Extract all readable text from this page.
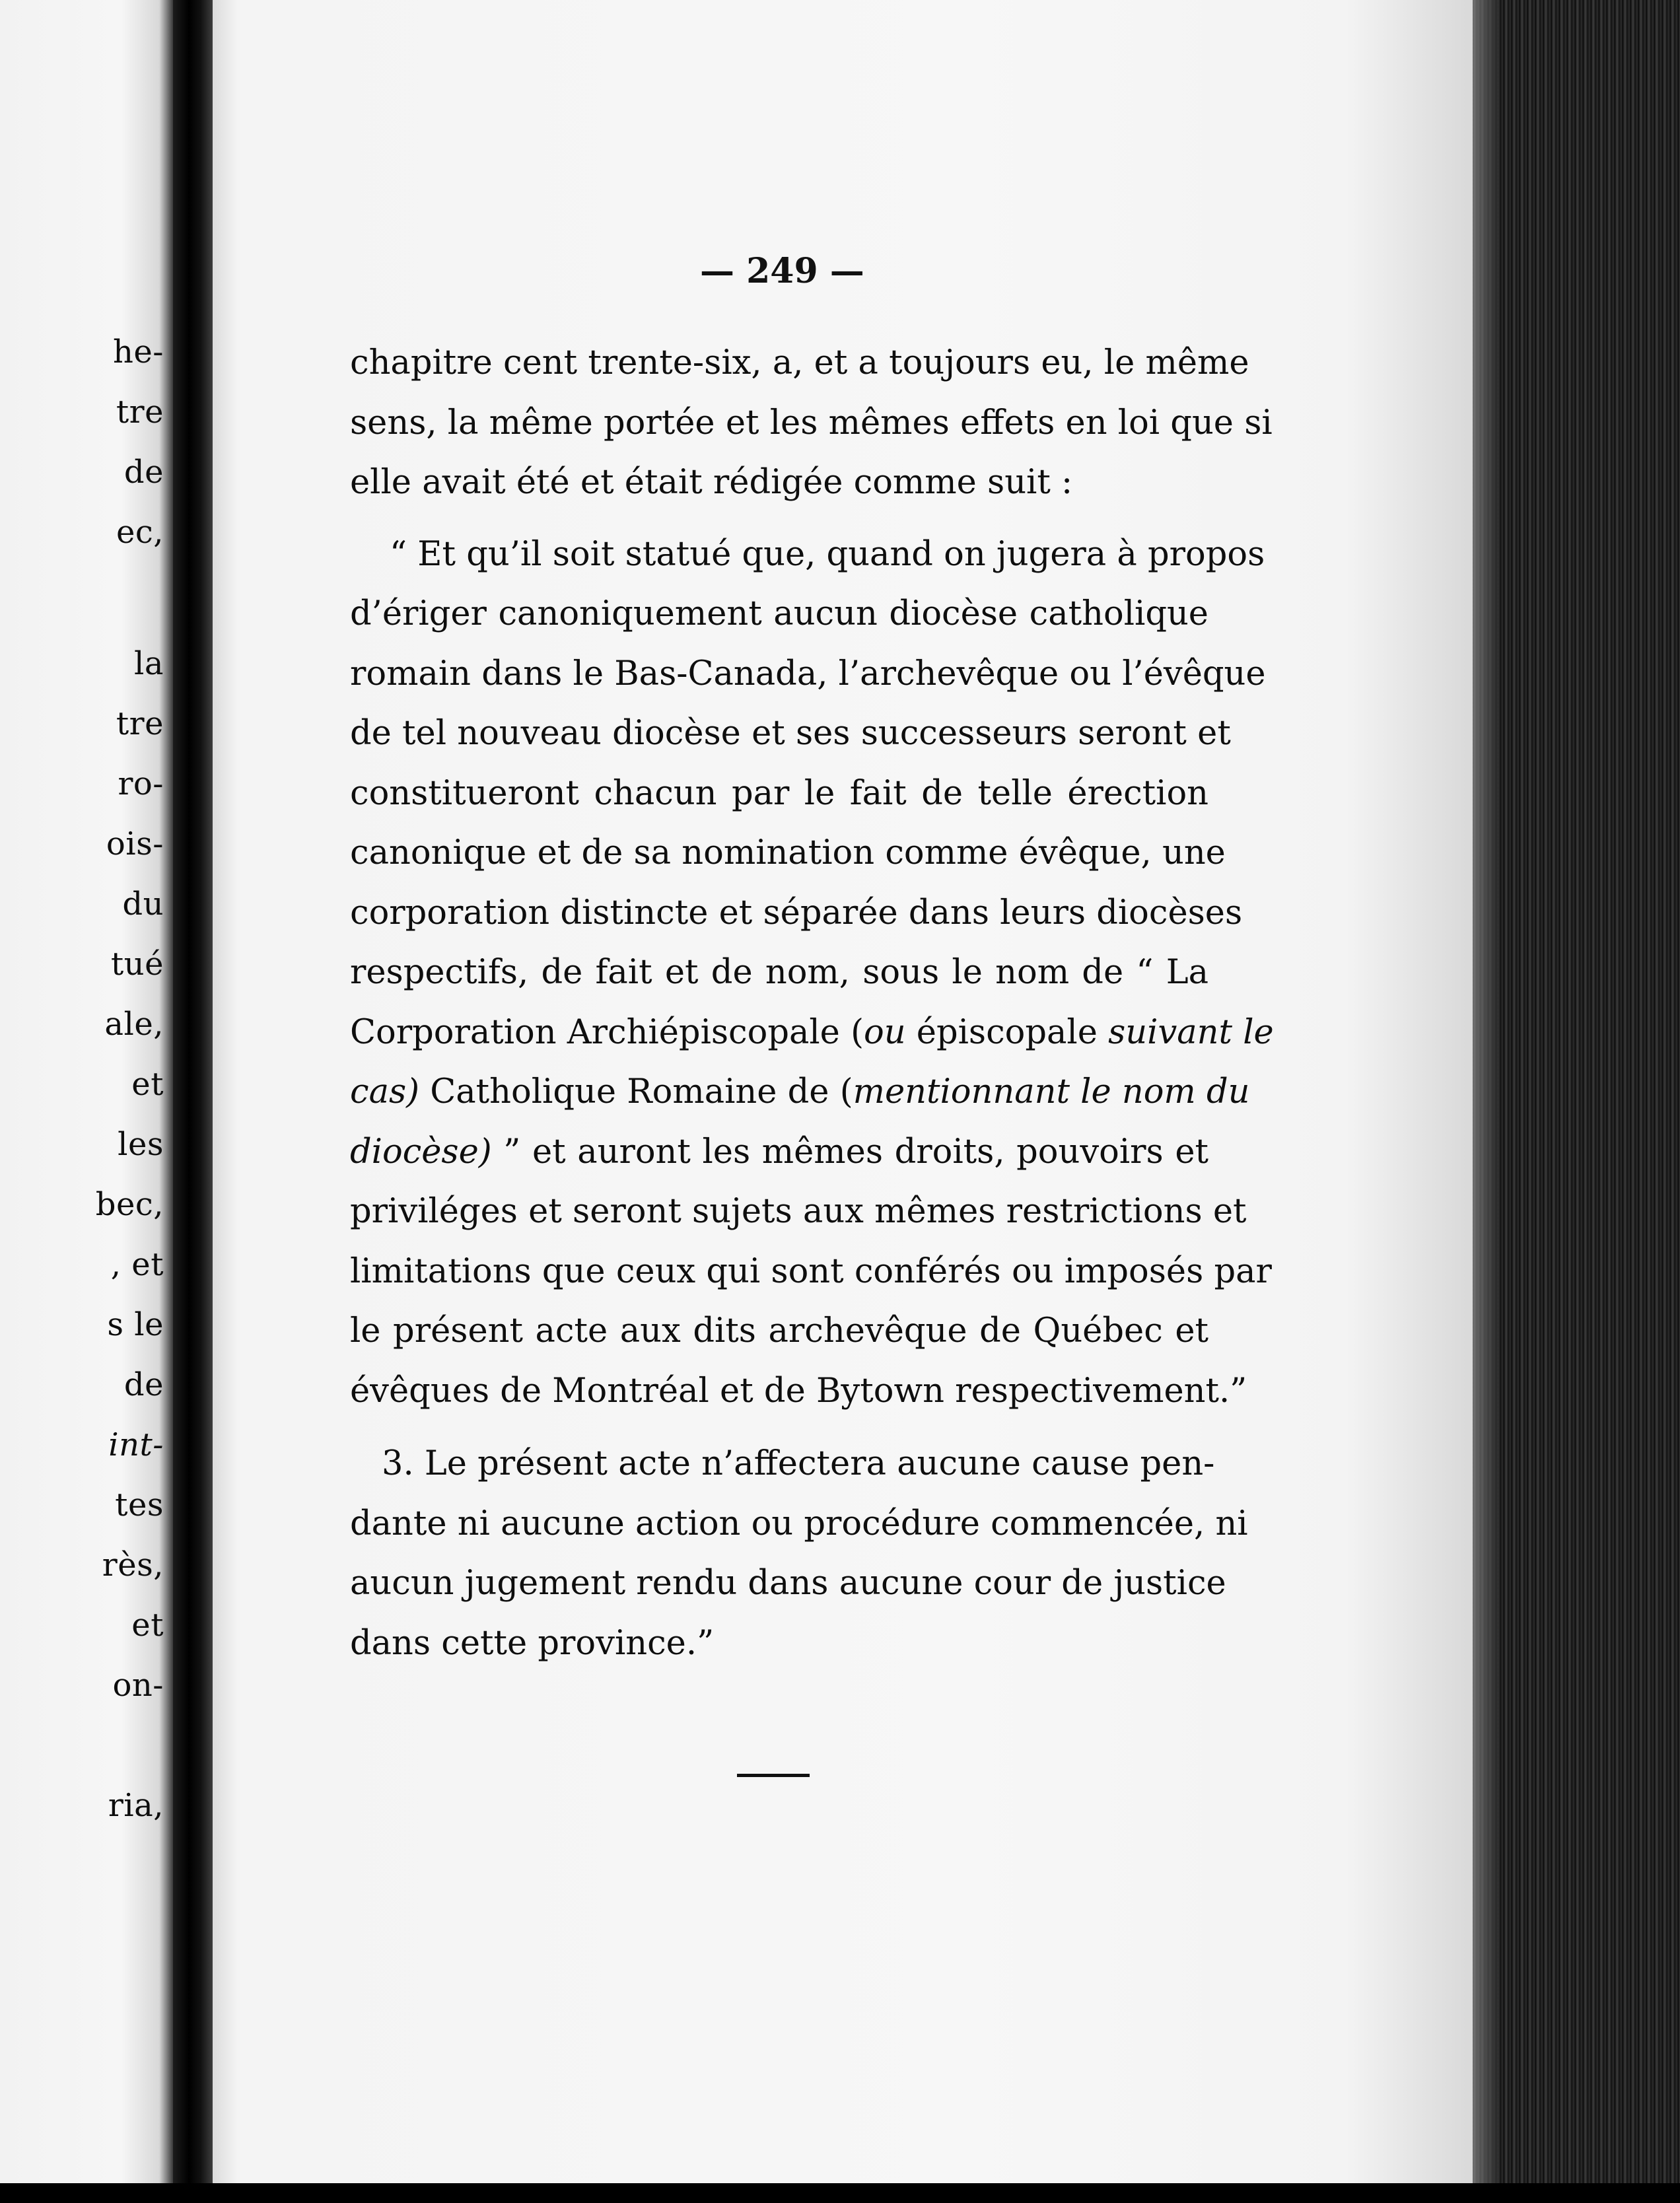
he-
tre
de
ec,
la
tre
ro-
ois-
du
tué
ale,
et
les
bec,
, et
s le
de
int-
tes
rès,
et
on-
ria,
— 249 —

chapitre cent trente-six, a, et a toujours eu, le même
sens, la même portée et les mêmes effets en loi que si
elle avait été et était rédigée comme suit :

“ Et qu’il soit statué que, quand on jugera à propos
d’ériger canoniquement aucun diocèse catholique
romain dans le Bas-Canada, l’archevêque ou l’évêque
de tel nouveau diocèse et ses successeurs seront et
constitueront chacun par le fait de telle érection
canonique et de sa nomination comme évêque, une
corporation distincte et séparée dans leurs diocèses
respectifs, de fait et de nom, sous le nom de “ La
Corporation Archiépiscopale (ou épiscopale suivant le
cas) Catholique Romaine de (mentionnant le nom du
diocèse) ” et auront les mêmes droits, pouvoirs et
priviléges et seront sujets aux mêmes restrictions et
limitations que ceux qui sont conférés ou imposés par
le présent acte aux dits archevêque de Québec et
évêques de Montréal et de Bytown respectivement.”

3. Le présent acte n’affectera aucune cause pen-
dante ni aucune action ou procédure commencée, ni
aucun jugement rendu dans aucune cour de justice
dans cette province.”
